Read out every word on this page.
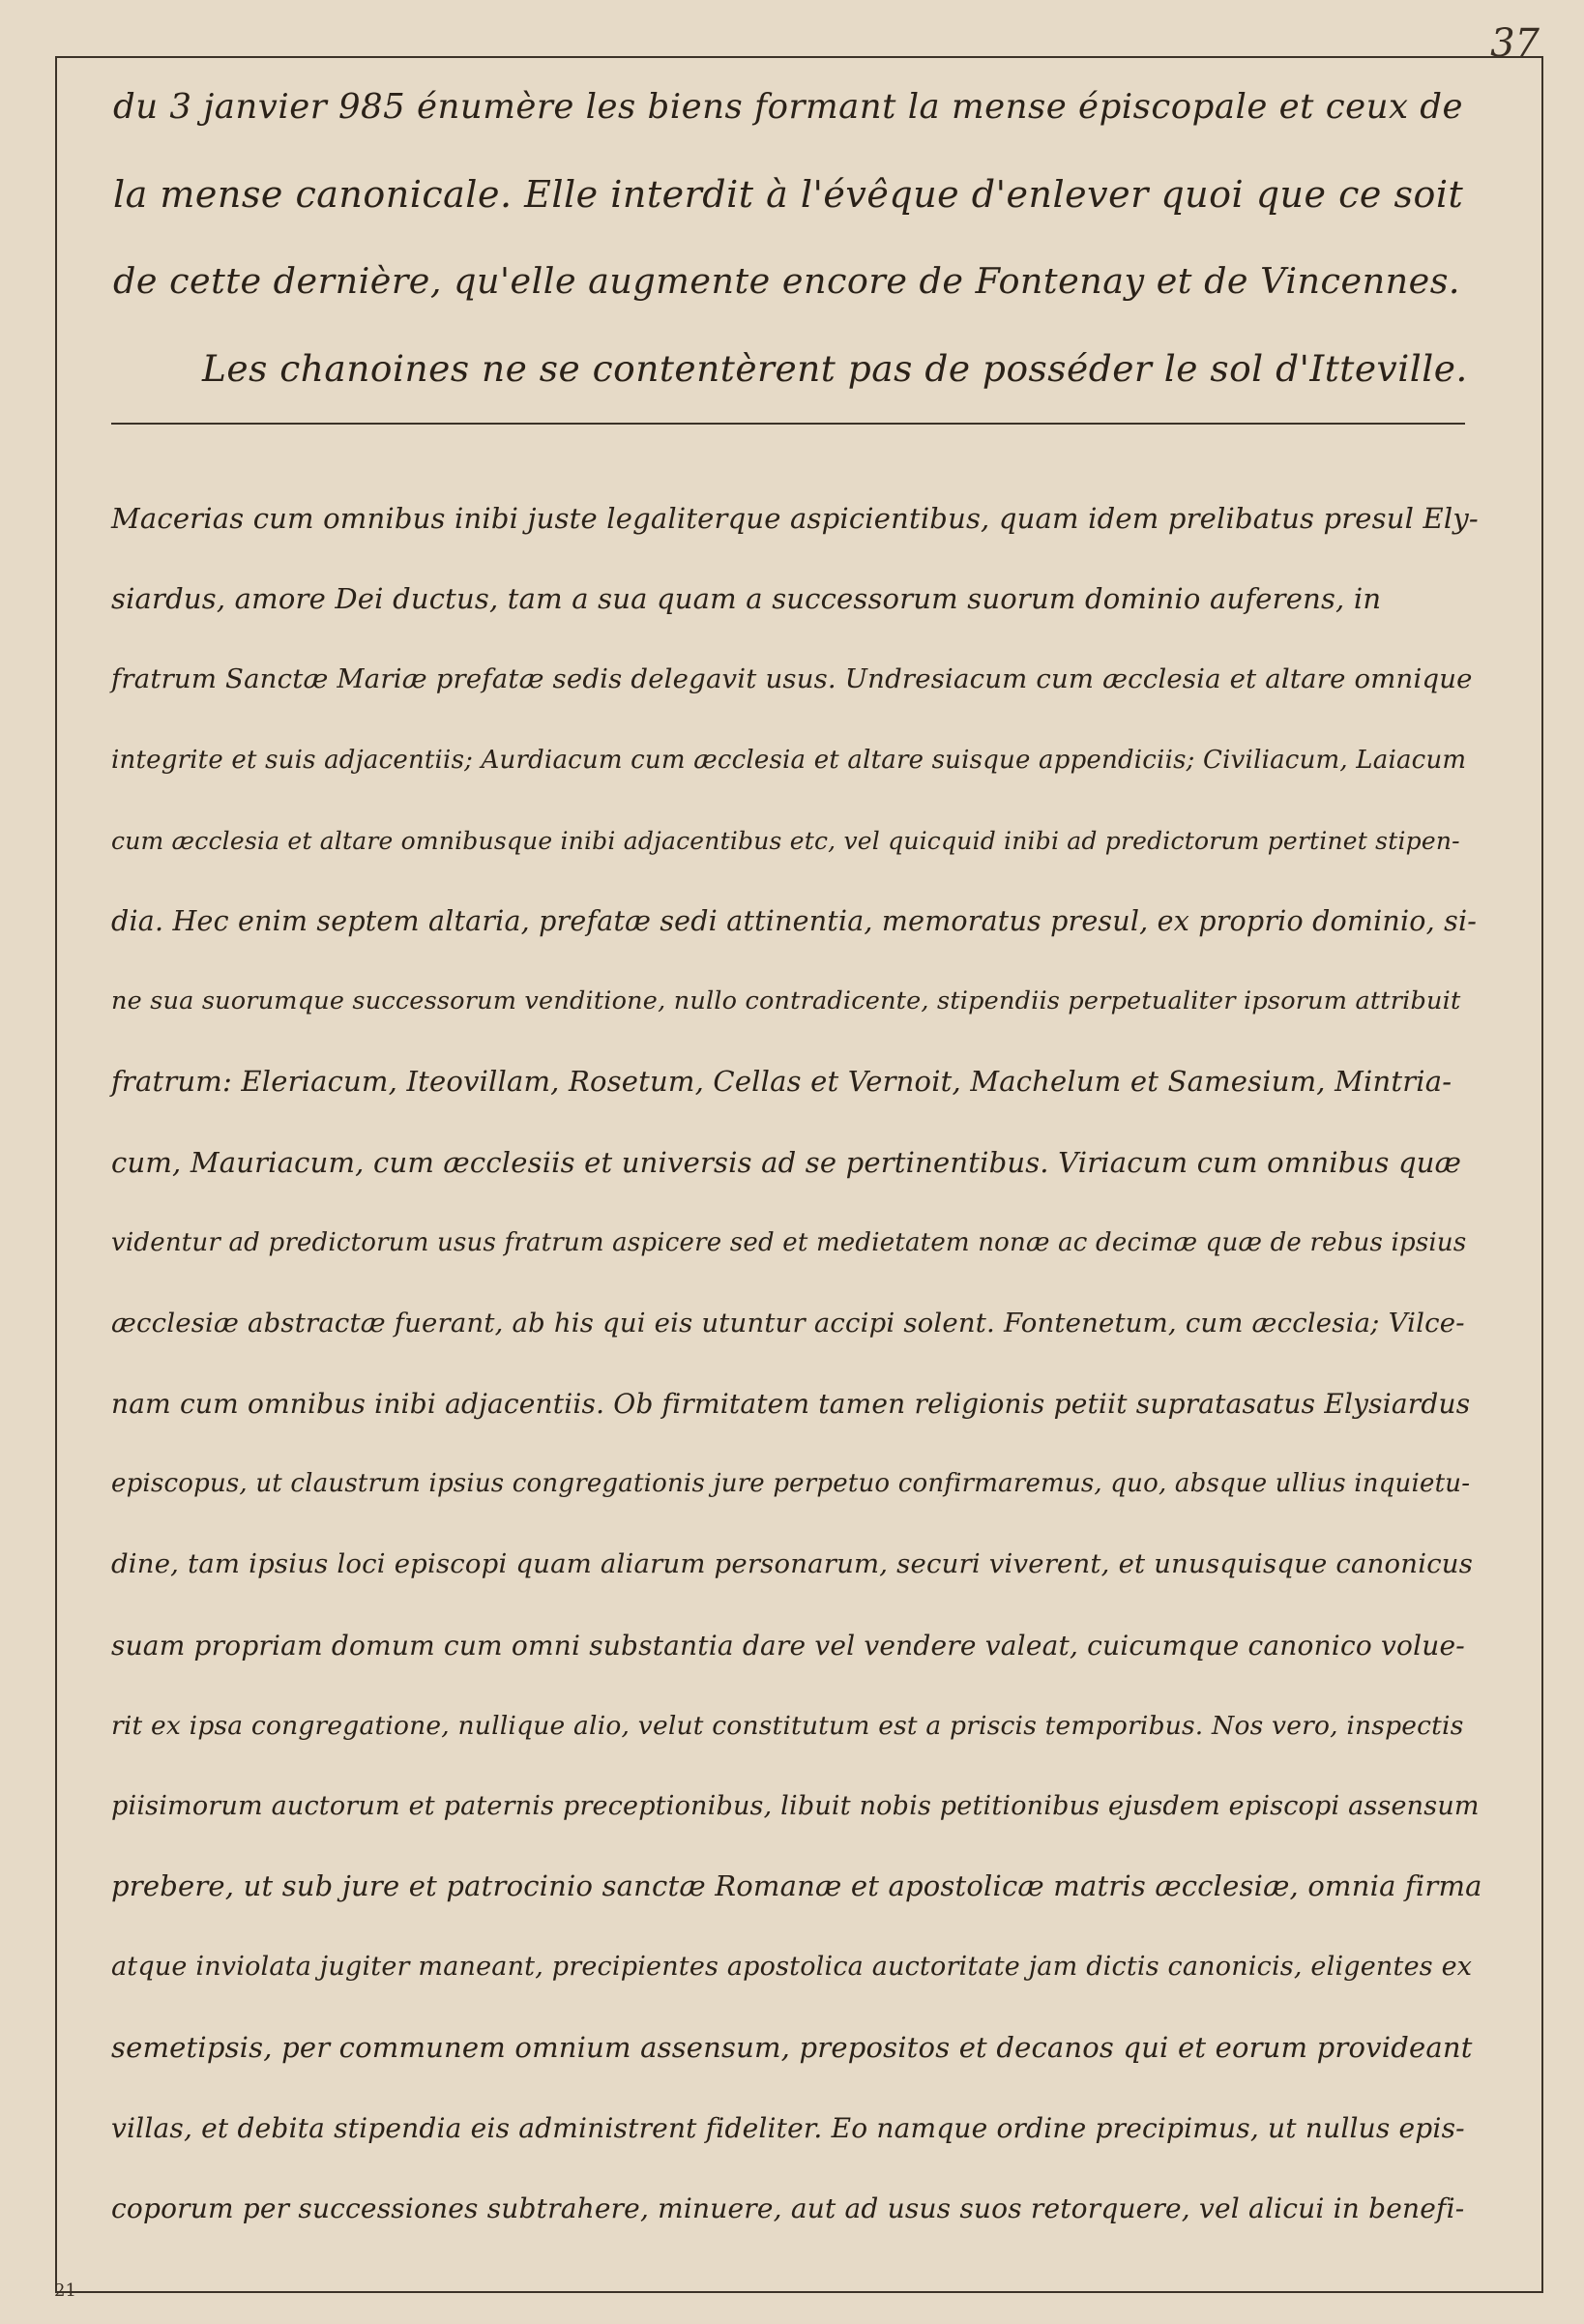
37
du 3 janvier 985 énumère les biens formant la mense épiscopale et ceux de
la mense canonicale. Elle interdit à l'évêque d'enlever quoi que ce soit
de cette dernière, qu'elle augmente encore de Fontenay et de Vincennes.
Les chanoines ne se contentèrent pas de posséder le sol d'Itteville.
Macerias cum omnibus inibi juste legaliterque aspicientibus, quam idem prelibatus presul Ely-
siardus, amore Dei ductus, tam a sua quam a successorum suorum dominio auferens, in
fratrum Sanctæ Mariæ prefatæ sedis delegavit usus. Undresiacum cum æcclesia et altare omnique
integrite et suis adjacentiis; Aurdiacum cum æcclesia et altare suisque appendiciis; Civiliacum, Laiacum
cum æcclesia et altare omnibusque inibi adjacentibus etc, vel quicquid inibi ad predictorum pertinet stipen-
dia. Hec enim septem altaria, prefatæ sedi attinentia, memoratus presul, ex proprio dominio, si-
ne sua suorumque successorum venditione, nullo contradicente, stipendiis perpetualiter ipsorum attribuit
fratrum: Eleriacum, Iteovillam, Rosetum, Cellas et Vernoit, Machelum et Samesium, Mintria-
cum, Mauriacum, cum æcclesiis et universis ad se pertinentibus. Viriacum cum omnibus quæ
videntur ad predictorum usus fratrum aspicere sed et medietatem nonæ ac decimæ quæ de rebus ipsius
æcclesiæ abstractæ fuerant, ab his qui eis utuntur accipi solent. Fontenetum, cum æcclesia; Vilce-
nam cum omnibus inibi adjacentiis. Ob firmitatem tamen religionis petiit supratasatus Elysiardus
episcopus, ut claustrum ipsius congregationis jure perpetuo confirmaremus, quo, absque ullius inquietu-
dine, tam ipsius loci episcopi quam aliarum personarum, securi viverent, et unusquisque canonicus
suam propriam domum cum omni substantia dare vel vendere valeat, cuicumque canonico volue-
rit ex ipsa congregatione, nullique alio, velut constitutum est a priscis temporibus. Nos vero, inspectis
piisimorum auctorum et paternis preceptionibus, libuit nobis petitionibus ejusdem episcopi assensum
prebere, ut sub jure et patrocinio sanctæ Romanæ et apostolicæ matris æcclesiæ, omnia firma
atque inviolata jugiter maneant, precipientes apostolica auctoritate jam dictis canonicis, eligentes ex
semetipsis, per communem omnium assensum, prepositos et decanos qui et eorum provideant
villas, et debita stipendia eis administrent fideliter. Eo namque ordine precipimus, ut nullus epis-
coporum per successiones subtrahere, minuere, aut ad usus suos retorquere, vel alicui in benefi-
21
